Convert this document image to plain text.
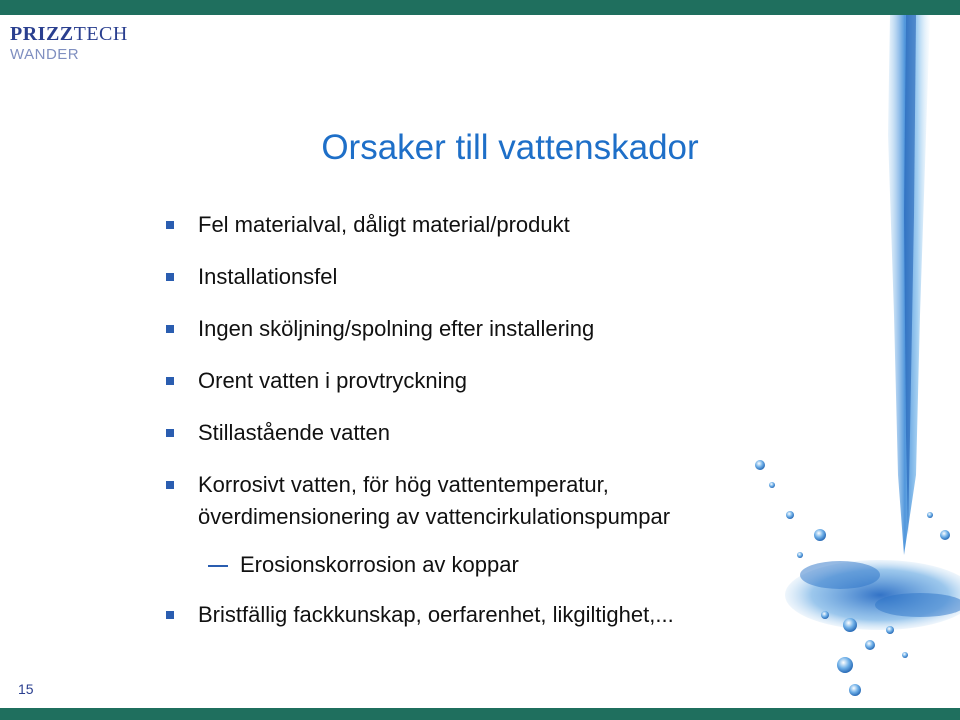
PRIZZTECH
WANDER
Orsaker till vattenskador
Fel materialval, dåligt material/produkt
Installationsfel
Ingen sköljning/spolning efter installering
Orent vatten i provtryckning
Stillastående vatten
Korrosivt vatten, för hög vattentemperatur,
överdimensionering av vattencirkulationspumpar
Erosionskorrosion av koppar
Bristfällig fackkunskap, oerfarenhet, likgiltighet,...
15
